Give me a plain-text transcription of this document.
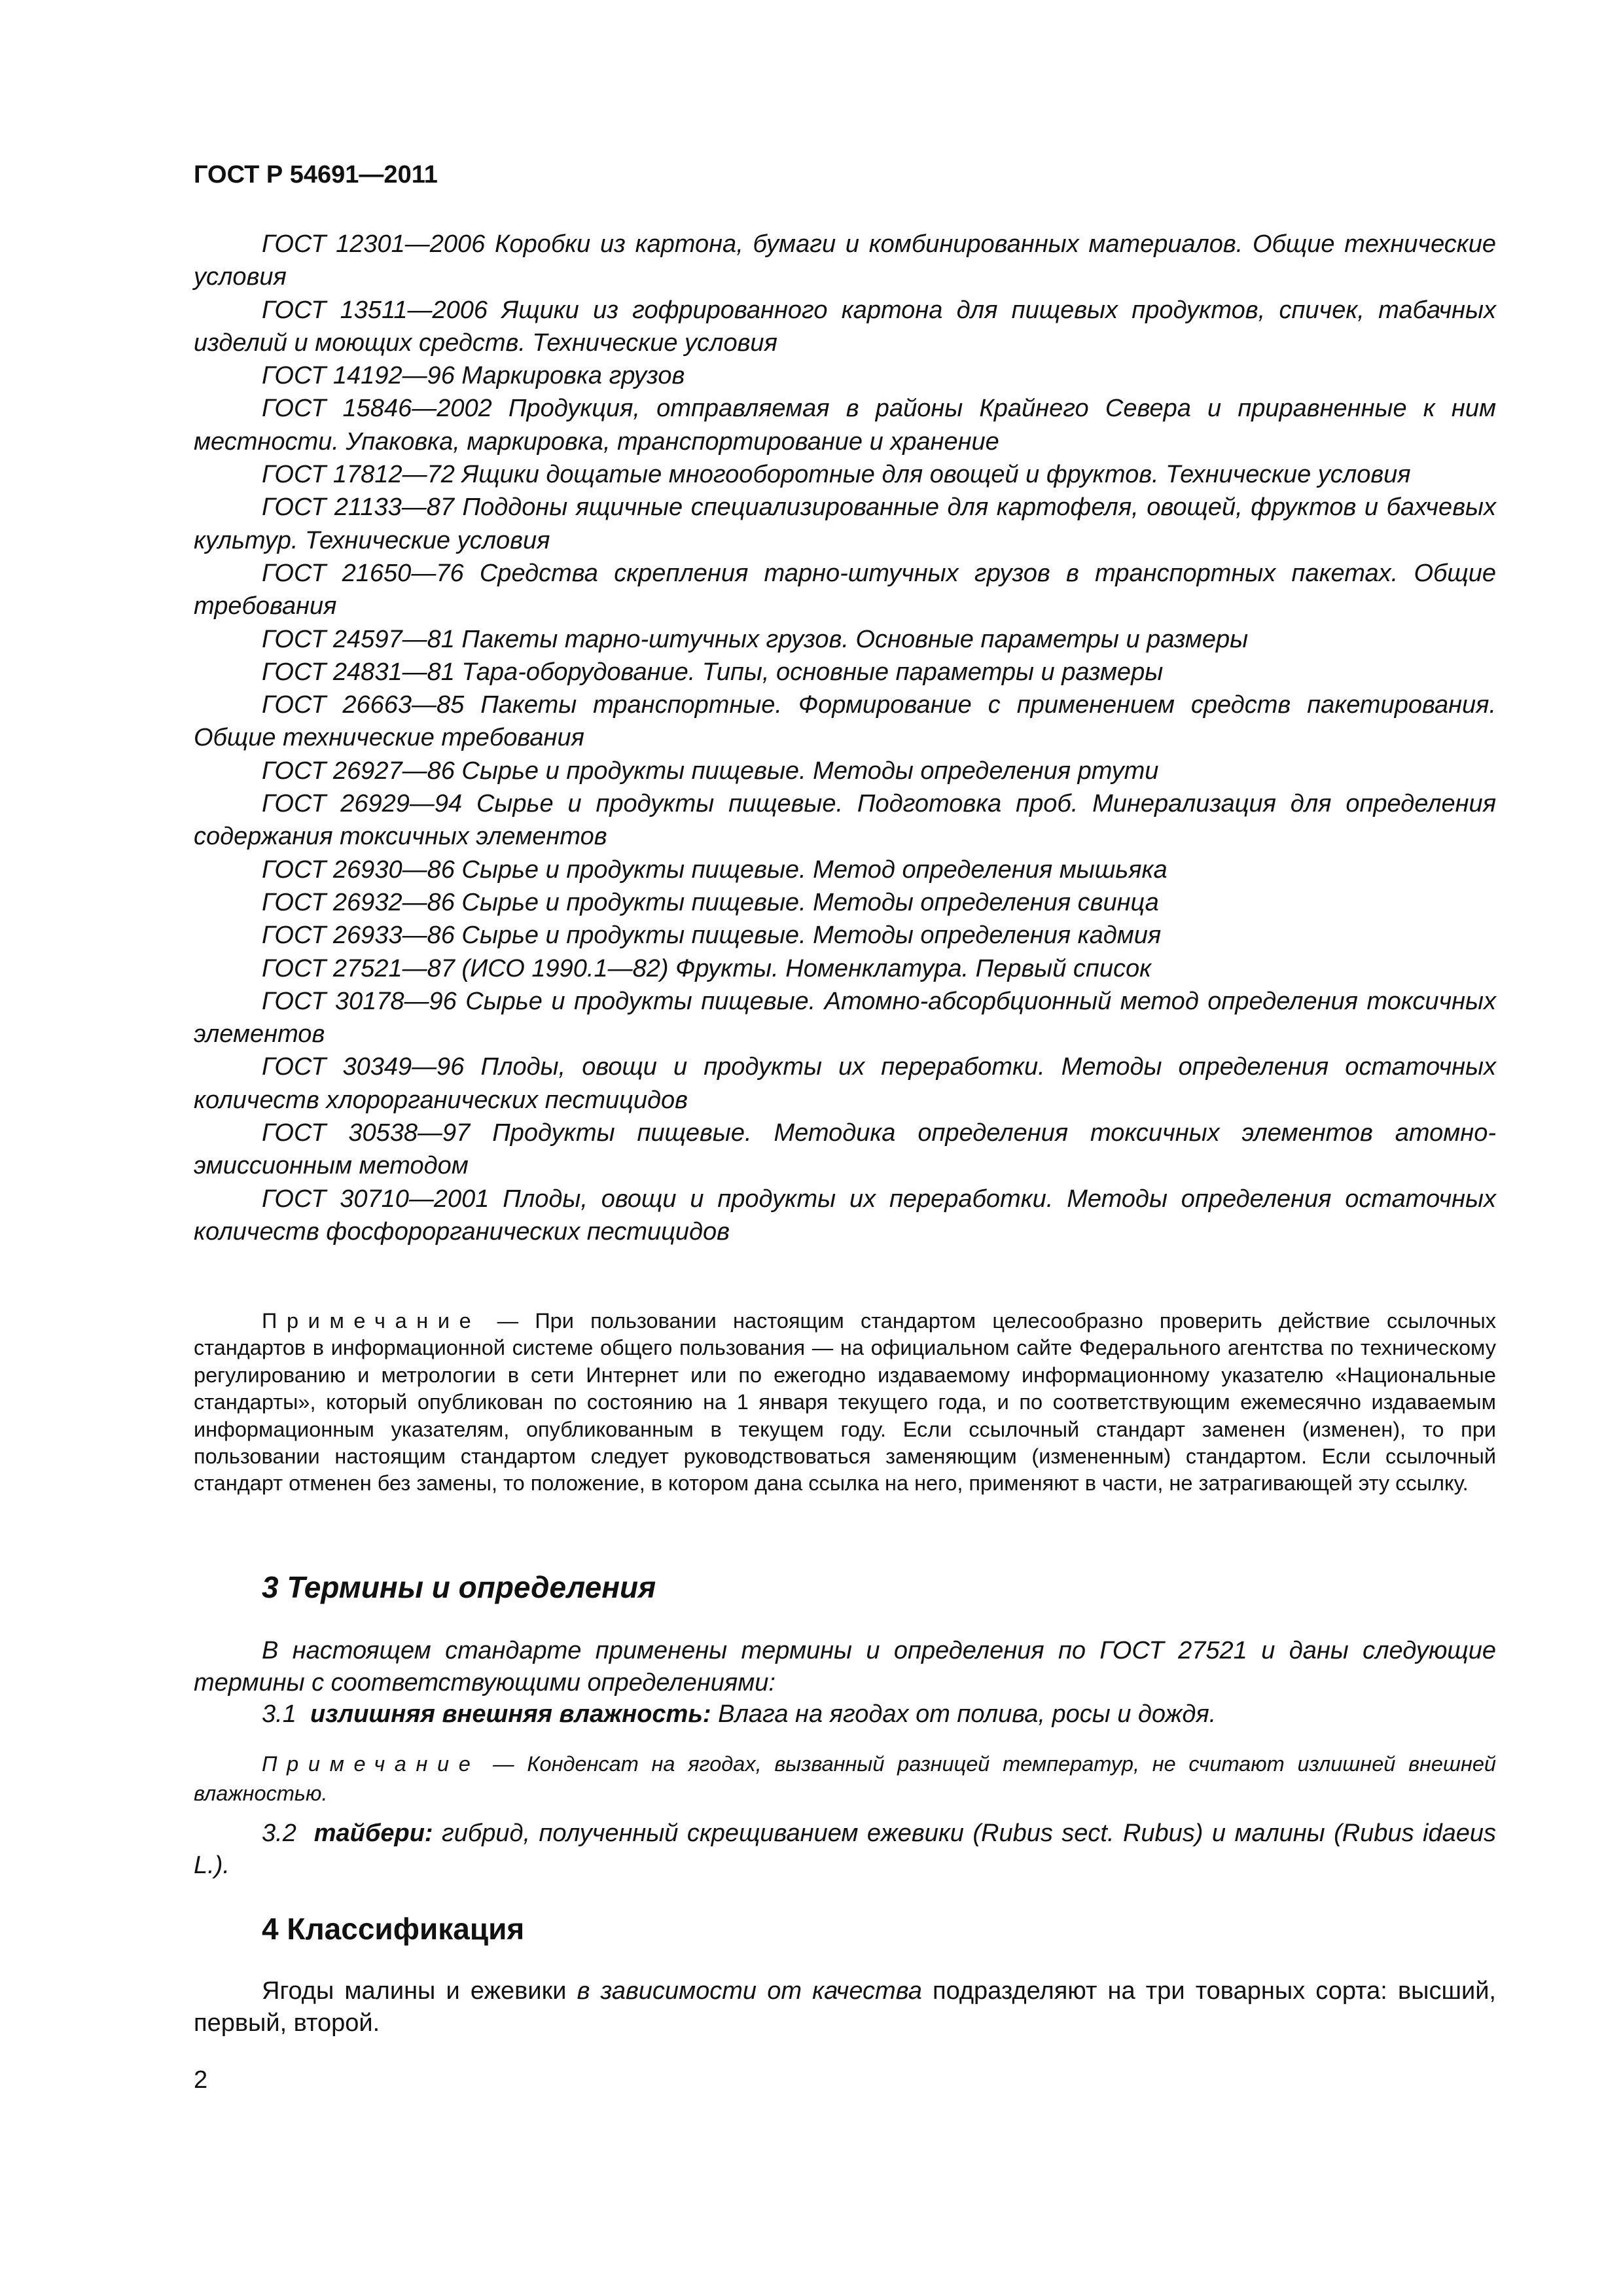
ГОСТ Р 54691—2011

ГОСТ 12301—2006 Коробки из картона, бумаги и комбинированных материалов. Общие технические условия

ГОСТ 13511—2006 Ящики из гофрированного картона для пищевых продуктов, спичек, табачных изделий и моющих средств. Технические условия

ГОСТ 14192—96 Маркировка грузов

ГОСТ 15846—2002 Продукция, отправляемая в районы Крайнего Севера и приравненные к ним местности. Упаковка, маркировка, транспортирование и хранение

ГОСТ 17812—72 Ящики дощатые многооборотные для овощей и фруктов. Технические условия

ГОСТ 21133—87 Поддоны ящичные специализированные для картофеля, овощей, фруктов и бахчевых культур. Технические условия

ГОСТ 21650—76 Средства скрепления тарно-штучных грузов в транспортных пакетах. Общие требования

ГОСТ 24597—81 Пакеты тарно-штучных грузов. Основные параметры и размеры

ГОСТ 24831—81 Тара-оборудование. Типы, основные параметры и размеры

ГОСТ 26663—85 Пакеты транспортные. Формирование с применением средств пакетирования. Общие технические требования

ГОСТ 26927—86 Сырье и продукты пищевые. Методы определения ртути

ГОСТ 26929—94 Сырье и продукты пищевые. Подготовка проб. Минерализация для определения содержания токсичных элементов

ГОСТ 26930—86 Сырье и продукты пищевые. Метод определения мышьяка

ГОСТ 26932—86 Сырье и продукты пищевые. Методы определения свинца

ГОСТ 26933—86 Сырье и продукты пищевые. Методы определения кадмия

ГОСТ 27521—87 (ИСО 1990.1—82) Фрукты. Номенклатура. Первый список

ГОСТ 30178—96 Сырье и продукты пищевые. Атомно-абсорбционный метод определения токсичных элементов

ГОСТ 30349—96 Плоды, овощи и продукты их переработки. Методы определения остаточных количеств хлорорганических пестицидов

ГОСТ 30538—97 Продукты пищевые. Методика определения токсичных элементов атомно-эмиссионным методом

ГОСТ 30710—2001 Плоды, овощи и продукты их переработки. Методы определения остаточных количеств фосфорорганических пестицидов

Примечание — При пользовании настоящим стандартом целесообразно проверить действие ссылочных стандартов в информационной системе общего пользования — на официальном сайте Федерального агентства по техническому регулированию и метрологии в сети Интернет или по ежегодно издаваемому информационному указателю «Национальные стандарты», который опубликован по состоянию на 1 января текущего года, и по соответствующим ежемесячно издаваемым информационным указателям, опубликованным в текущем году. Если ссылочный стандарт заменен (изменен), то при пользовании настоящим стандартом следует руководствоваться заменяющим (измененным) стандартом. Если ссылочный стандарт отменен без замены, то положение, в котором дана ссылка на него, применяют в части, не затрагивающей эту ссылку.

3 Термины и определения

В настоящем стандарте применены термины и определения по ГОСТ 27521 и даны следующие термины с соответствующими определениями:

3.1 излишняя внешняя влажность: Влага на ягодах от полива, росы и дождя.

Примечание — Конденсат на ягодах, вызванный разницей температур, не считают излишней внешней влажностью.

3.2 тайбери: гибрид, полученный скрещиванием ежевики (Rubus sect. Rubus) и малины (Rubus idaeus L.).

4 Классификация

Ягоды малины и ежевики в зависимости от качества подразделяют на три товарных сорта: высший, первый, второй.

2
